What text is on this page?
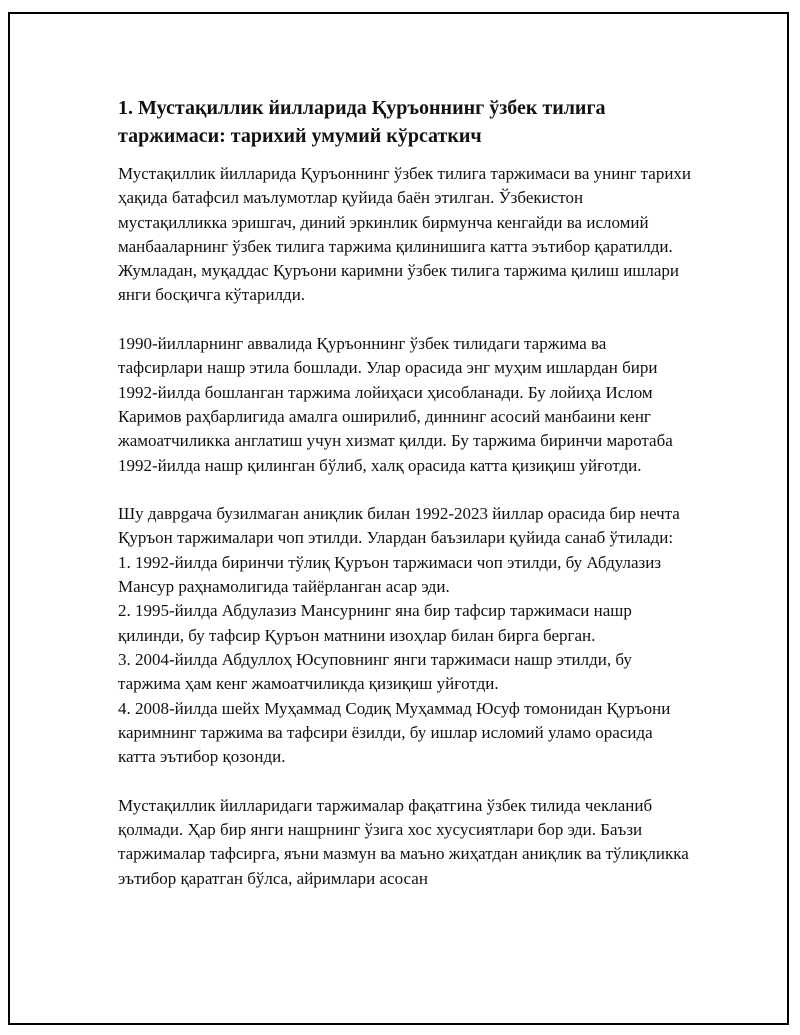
1. Мустақиллик йилларида Қуръоннинг ўзбек тилига таржимаси: тарихий умумий кўрсаткич
Мустақиллик йилларида Қуръоннинг ўзбек тилига таржимаси ва унинг тарихи ҳақида батафсил маълумотлар қуйида баён этилган. Ўзбекистон мустақилликка эришгач, диний эркинлик бирмунча кенгайди ва исломий манбааларнинг ўзбек тилига таржима қилинишига катта эътибор қаратилди. Жумладан, муқаддас Қуръони каримни ўзбек тилига таржима қилиш ишлари янги босқичга кўтарилди.
1990-йилларнинг аввалида Қуръоннинг ўзбек тилидаги таржима ва тафсирлари нашр этила бошлади. Улар орасида энг муҳим ишлардан бири 1992-йилда бошланган таржима лойиҳаси ҳисобланади. Бу лойиҳа Ислом Каримов раҳбарлигида амалга оширилиб, диннинг асосий манбаини кенг жамоатчиликка англатиш учун хизмат қилди. Бу таржима биринчи маротаба 1992-йилда нашр қилинган бўлиб, халқ орасида катта қизиқиш уйғотди.
Шу даврgача бузилмаган аниқлик билан 1992-2023 йиллар орасида бир нечта Қуръон таржималари чоп этилди. Улардан баъзилари қуйида санаб ўтилади:
1. 1992-йилда биринчи тўлиқ Қуръон таржимаси чоп этилди, бу Абдулазиз Мансур раҳнамолигида тайёрланган асар эди.
2. 1995-йилда Абдулазиз Мансурнинг яна бир тафсир таржимаси нашр қилинди, бу тафсир Қуръон матнини изоҳлар билан бирга берган.
3. 2004-йилда Абдуллоҳ Юсуповнинг янги таржимаси нашр этилди, бу таржима ҳам кенг жамоатчиликда қизиқиш уйғотди.
4. 2008-йилда шейх Муҳаммад Содиқ Муҳаммад Юсуф томонидан Қуръони каримнинг таржима ва тафсири ёзилди, бу ишлар исломий уламо орасида катта эътибор қозонди.
Мустақиллик йилларидаги таржималар фақатгина ўзбек тилида чекланиб қолмади. Ҳар бир янги нашрнинг ўзига хос хусусиятлари бор эди. Баъзи таржималар тафсирга, яъни мазмун ва маъно жиҳатдан аниқлик ва тўлиқликка эътибор қаратган бўлса, айримлари асосан
